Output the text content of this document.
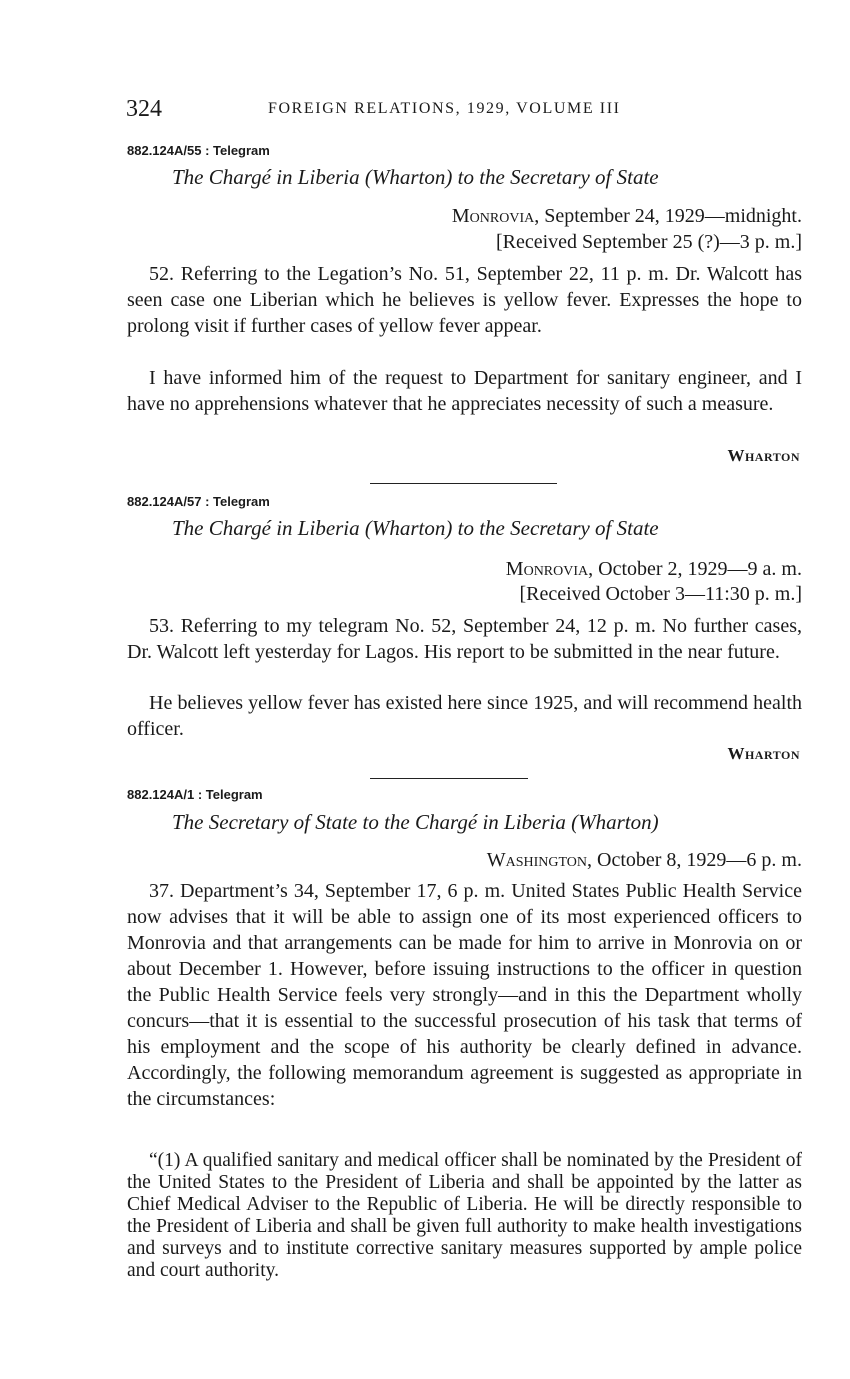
324	FOREIGN RELATIONS, 1929, VOLUME III
882.124A/55 : Telegram
The Chargé in Liberia (Wharton) to the Secretary of State
Monrovia, September 24, 1929—midnight.
[Received September 25 (?)—3 p. m.]
52. Referring to the Legation’s No. 51, September 22, 11 p. m. Dr. Walcott has seen case one Liberian which he believes is yellow fever. Expresses the hope to prolong visit if further cases of yellow fever appear.
I have informed him of the request to Department for sanitary engineer, and I have no apprehensions whatever that he appreciates necessity of such a measure.
Wharton
882.124A/57 : Telegram
The Chargé in Liberia (Wharton) to the Secretary of State
Monrovia, October 2, 1929—9 a. m.
[Received October 3—11:30 p. m.]
53. Referring to my telegram No. 52, September 24, 12 p. m. No further cases, Dr. Walcott left yesterday for Lagos. His report to be submitted in the near future.
He believes yellow fever has existed here since 1925, and will recommend health officer.
Wharton
882.124A/1 : Telegram
The Secretary of State to the Chargé in Liberia (Wharton)
Washington, October 8, 1929—6 p. m.
37. Department’s 34, September 17, 6 p. m. United States Public Health Service now advises that it will be able to assign one of its most experienced officers to Monrovia and that arrangements can be made for him to arrive in Monrovia on or about December 1. However, before issuing instructions to the officer in question the Public Health Service feels very strongly—and in this the Department wholly concurs—that it is essential to the successful prosecution of his task that terms of his employment and the scope of his authority be clearly defined in advance. Accordingly, the following memorandum agreement is suggested as appropriate in the circumstances:
“(1) A qualified sanitary and medical officer shall be nominated by the President of the United States to the President of Liberia and shall be appointed by the latter as Chief Medical Adviser to the Republic of Liberia. He will be directly responsible to the President of Liberia and shall be given full authority to make health investigations and surveys and to institute corrective sanitary measures supported by ample police and court authority.
